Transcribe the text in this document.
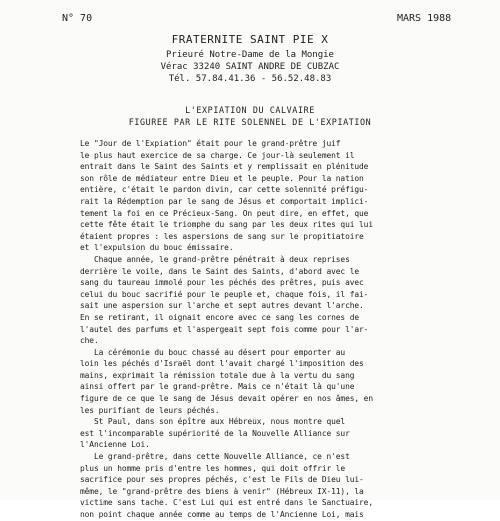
N° 70	MARS 1988
FRATERNITE SAINT PIE X
Prieuré Notre-Dame de la Mongie
Vérac 33240 SAINT ANDRE DE CUBZAC
Tél. 57.84.41.36 - 56.52.48.83
L'EXPIATION DU CALVAIRE
FIGUREE PAR LE RITE SOLENNEL DE L'EXPIATION
Le "Jour de l'Expiation" était pour le grand-prêtre juif
le plus haut exercice de sa charge. Ce jour-là seulement il
entrait dans le Saint des Saints et y remplissait en plénitude
son rôle de médiateur entre Dieu et le peuple. Pour la nation
entière, c'était le pardon divin, car cette solennité préfigu-
rait la Rédemption par le sang de Jésus et comportait implici-
tement la foi en ce Précieux-Sang. On peut dire, en effet, que
cette fête était le triomphe du sang par les deux rites qui lui
étaient propres : les aspersions de sang sur le propitiatoire
et l'expulsion du bouc émissaire.
Chaque année, le grand-prêtre pénétrait à deux reprises
derrière le voile, dans le Saint des Saints, d'abord avec le
sang du taureau immolé pour les péchés des prêtres, puis avec
celui du bouc sacrifié pour le peuple et, chaque fois, il fai-
sait une aspersion sur l'arche et sept autres devant l'arche.
En se retirant, il oignait encore avec ce sang les cornes de
l'autel des parfums et l'aspergeait sept fois comme pour l'ar-
che.
La cérémonie du bouc chassé au désert pour emporter au
loin les péchés d'Israël dont l'avait chargé l'imposition des
mains, exprimait la rémission totale due à la vertu du sang
ainsi offert par le grand-prêtre. Mais ce n'était là qu'une
figure de ce que le sang de Jésus devait opérer en nos âmes, en
les purifiant de leurs péchés.
St Paul, dans son épître aux Hébreux, nous montre quel
est l'incomparable supériorité de la Nouvelle Alliance sur
l'Ancienne Loi.
Le grand-prêtre, dans cette Nouvelle Alliance, ce n'est
plus un homme pris d'entre les hommes, qui doit offrir le
sacrifice pour ses propres péchés, c'est le Fils de Dieu lui-
même, le "grand-prêtre des biens à venir" (Hébreux IX-11), la
victime sans tache. C'est Lui qui est entré dans le Sanctuaire,
non point chaque année comme au temps de l'Ancienne Loi, mais
